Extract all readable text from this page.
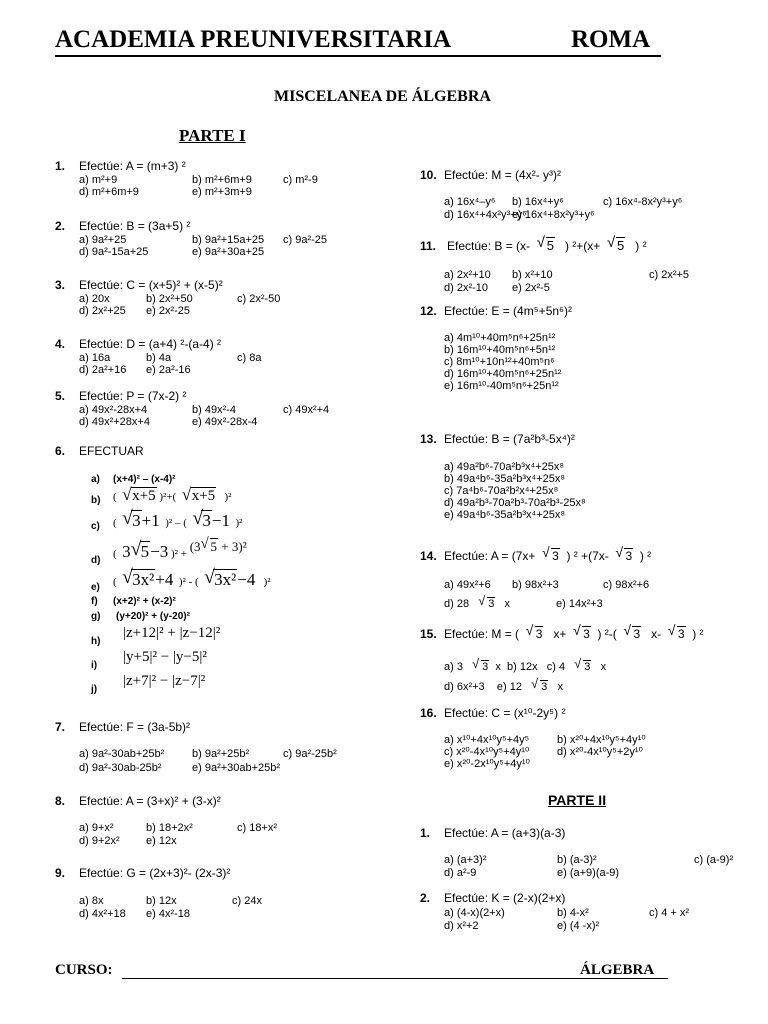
ACADEMIA PREUNIVERSITARIA	ROMA
MISCELANEA DE ÁLGEBRA
PARTE I
1. Efectúe: A = (m+3) ²
a) m²+9	b) m²+6m+9	c) m²-9
d) m²+6m+9	e) m²+3m+9
2. Efectúe: B = (3a+5) ²
a) 9a²+25	b) 9a²+15a+25 c) 9a²-25
d) 9a²-15a+25	e) 9a²+30a+25
3. Efectúe: C = (x+5)² + (x-5)²
a) 20x	b) 2x²+50	c) 2x²-50
d) 2x²+25 e) 2x²-25
4. Efectúe: D = (a+4) ²-(a-4) ²
a) 16a	b) 4a	c) 8a
d) 2a²+16 e) 2a²-16
5. Efectúe: P = (7x-2) ²
a) 49x²-28x+4	b) 49x²-4	c) 49x²+4
d) 49x²+28x+4	e) 49x²-28x-4
6. EFECTUAR
a) (x+4)² – (x-4)²
b) ( √ x+5 )²+( √ x+5   )²
c) ( √ 3+1  )² – ( √ 3−1  )²
d)
(  3 √ 5−3 )² + $^{(3 √ 5 + 3)^2}$
e) ( √ 3x²+4  )² - ( √ 3x²−4   )²
f) (x+2)² + (x-2)²
g) (y+20)² + (y-20)²
h)
|z+12|² + |z−12|²
i)
|y+5|² − |y−5|²
j)
|z+7|² − |z−7|²
7. Efectúe: F = (3a-5b)²
a) 9a²-30ab+25b²	b) 9a²+25b²	c) 9a²-25b²
d) 9a²-30ab-25b²	e) 9a²+30ab+25b²
8. Efectúe: A = (3+x)² + (3-x)²
a) 9+x²	b) 18+2x²	c) 18+x²
d) 9+2x² e) 12x
9. Efectúe: G = (2x+3)²- (2x-3)²
a) 8x	b) 12x	c) 24x
d) 4x²+18 e) 4x²-18
10. Efectúe: M = (4x²- y³)²
a) 16x⁴–y⁶ b) 16x⁴+y⁶	c) 16x⁴-8x²y³+y⁶
d) 16x⁴+4x²y³+y⁶
e) 16x⁴+8x²y³+y⁶
12. Efectúe: E = (4m⁵+5n⁶)²
a) 4m¹⁰+40m⁵n⁶+25n¹²
b) 16m¹⁰+40m⁵n⁶+5n¹²
c) 8m¹⁰+10n¹²+40m⁵n⁶
d) 16m¹⁰+40m⁵n⁶+25n¹²
e) 16m¹⁰-40m⁵n⁶+25n¹²
13. Efectúe: B = (7a²b³-5x⁴)²
a) 49a²b⁶-70a²b³x⁴+25x⁸
b) 49a⁴b⁶-35a²b³x⁴+25x⁸
c) 7a⁴b⁶-70a²b²x⁴+25x⁸
d) 49a²b³-70a²b³-70a²b³-25x⁸
e) 49a⁴b⁶-35a²b³x⁴+25x⁸
1. Efectúe: A = (a+3)(a-3)
a) (a+3)²	b) (a-3)²	c) (a-9)²
d) a²-9	e) (a+9)(a-9)
2. Efectúe: K = (2-x)(2+x)
a) (4-x)(2+x)	b) 4-x²	c) 4 + x²
d) x²+2	e) (4 -x)²
11. Efectúe: B = (x- √ 5 ) ²+(x+ √ 5 ) ²
a) 2x²+10 b) x²+10	c) 2x²+5
d) 2x²-10 e) 2x²-5
14. Efectúe: A = (7x+ √ 3 ) ² +(7x- √ 3 ) ²
a) 49x²+6 b) 98x²+3	c) 98x²+6
d) 28 √ 3 x	e) 14x²+3
15. Efectúe: M = ( √ 3 x+ √ 3 ) ²-( √ 3 x- √ 3 ) ²
a) 3 √ 3 x b) 12x c) 4 √ 3 x
d) 6x²+3 e) 12 √ 3 x
16. Efectúe: C = (x¹⁰-2y⁵) ²
a) x¹⁰+4x¹⁰y⁵+4y⁵	b) x²⁰+4x¹⁰y⁵+4y¹⁰
c) x²⁰-4x¹⁰y⁵+4y¹⁰	d) x²⁰-4x¹⁰y⁵+2y¹⁰
e) x²⁰-2x¹⁰y⁵+4y¹⁰
PARTE II
CURSO:	ÁLGEBRA
